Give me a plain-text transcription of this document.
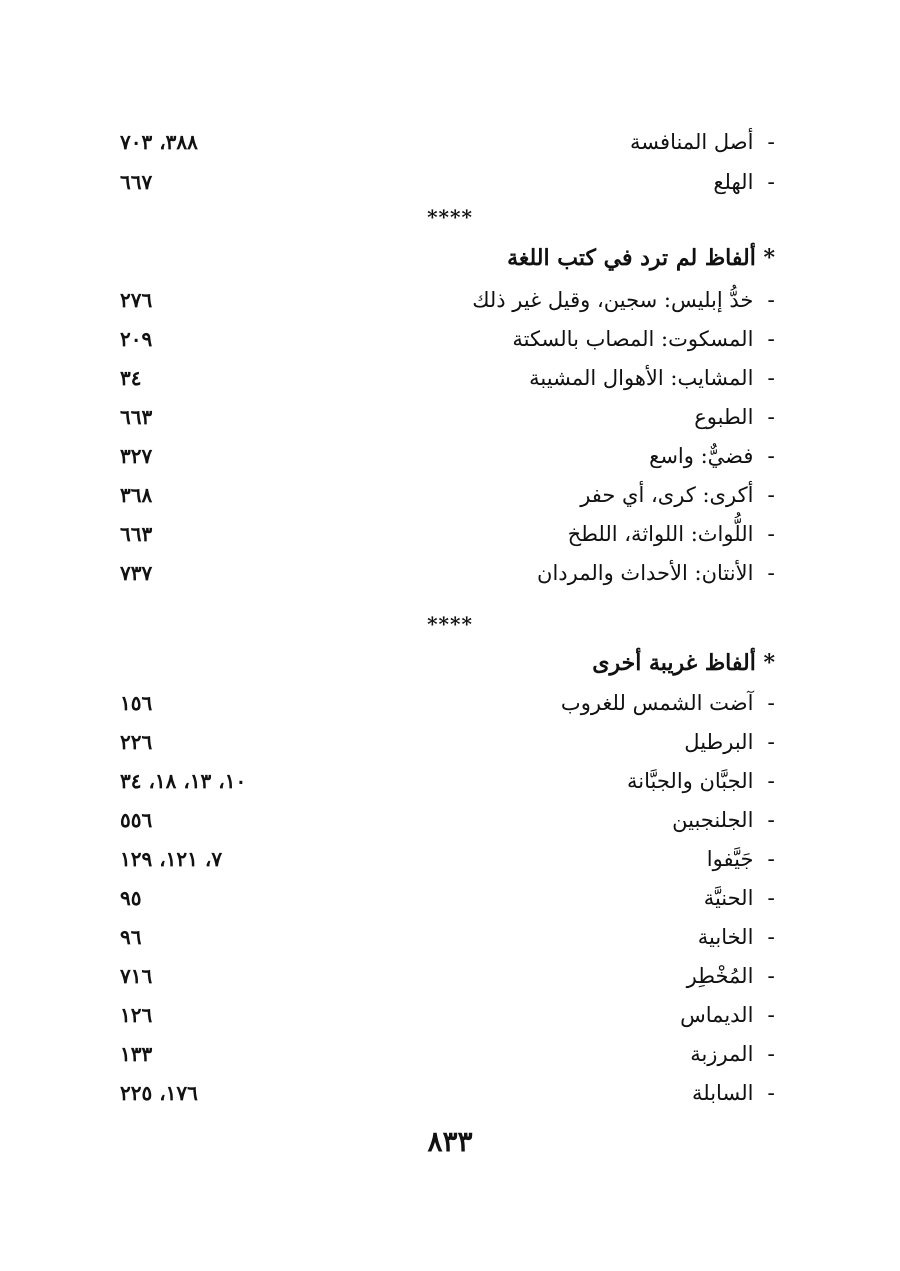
-
أصل المنافسة
٣٨٨، ٧٠٣
-
الهلع
٦٦٧
****
* ألفاظ لم ترد في كتب اللغة
-
خدُّ إبليس: سجين، وقيل غير ذلك
٢٧٦
-
المسكوت: المصاب بالسكتة
٢٠٩
-
المشايب: الأهوال المشيبة
٣٤
-
الطبوع
٦٦٣
-
فضيٌّ: واسع
٣٢٧
-
أكرى: كرى، أي حفر
٣٦٨
-
اللُّواث: اللواثة، اللطخ
٦٦٣
-
الأنتان: الأحداث والمردان
٧٣٧
****
* ألفاظ غريبة أخرى
-
آضت الشمس للغروب
١٥٦
-
البرطيل
٢٢٦
-
الجبَّان والجبَّانة
١٠، ١٣، ١٨، ٣٤
-
الجلنجبين
٥٥٦
-
جَيَّفوا
٧، ١٢١، ١٢٩
-
الحنيَّة
٩٥
-
الخابية
٩٦
-
المُخْطِر
٧١٦
-
الديماس
١٢٦
-
المرزبة
١٣٣
-
السابلة
١٧٦، ٢٢٥
٨٣٣
